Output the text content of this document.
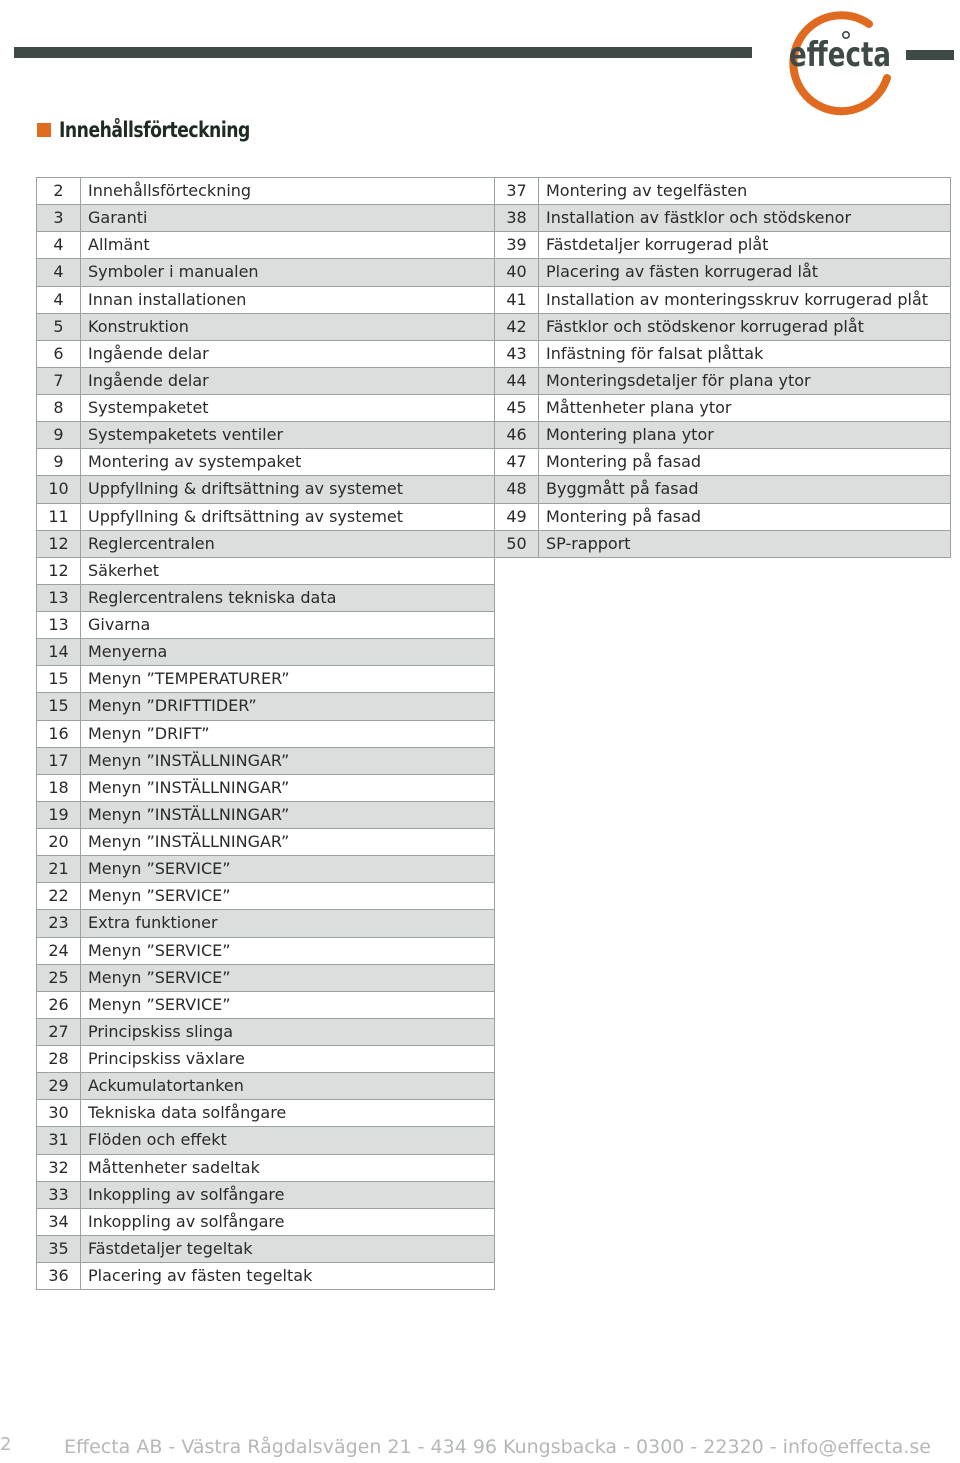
effecta
Innehållsförteckning
2	Innehållsförteckning
3	Garanti
4	Allmänt
4	Symboler i manualen
4	Innan installationen
5	Konstruktion
6	Ingående delar
7	Ingående delar
8	Systempaketet
9	Systempaketets ventiler
9	Montering av systempaket
10	Uppfyllning & driftsättning av systemet
11	Uppfyllning & driftsättning av systemet
12	Reglercentralen
12	Säkerhet
13	Reglercentralens tekniska data
13	Givarna
14	Menyerna
15	Menyn ”TEMPERATURER”
15	Menyn ”DRIFTTIDER”
16	Menyn ”DRIFT”
17	Menyn ”INSTÄLLNINGAR”
18	Menyn ”INSTÄLLNINGAR”
19	Menyn ”INSTÄLLNINGAR”
20	Menyn ”INSTÄLLNINGAR”
21	Menyn ”SERVICE”
22	Menyn ”SERVICE”
23	Extra funktioner
24	Menyn ”SERVICE”
25	Menyn ”SERVICE”
26	Menyn ”SERVICE”
27	Principskiss slinga
28	Principskiss växlare
29	Ackumulatortanken
30	Tekniska data solfångare
31	Flöden och effekt
32	Måttenheter sadeltak
33	Inkoppling av solfångare
34	Inkoppling av solfångare
35	Fästdetaljer tegeltak
36	Placering av fästen tegeltak
37	Montering av tegelfästen
38	Installation av fästklor och stödskenor
39	Fästdetaljer korrugerad plåt
40	Placering av fästen korrugerad låt
41	Installation av monteringsskruv korrugerad plåt
42	Fästklor och stödskenor korrugerad plåt
43	Infästning för falsat plåttak
44	Monteringsdetaljer för plana ytor
45	Måttenheter plana ytor
46	Montering plana ytor
47	Montering på fasad
48	Byggmått på fasad
49	Montering på fasad
50	SP-rapport
2	Effecta AB - Västra Rågdalsvägen 21 - 434 96 Kungsbacka - 0300 - 22320 - info@effecta.se
